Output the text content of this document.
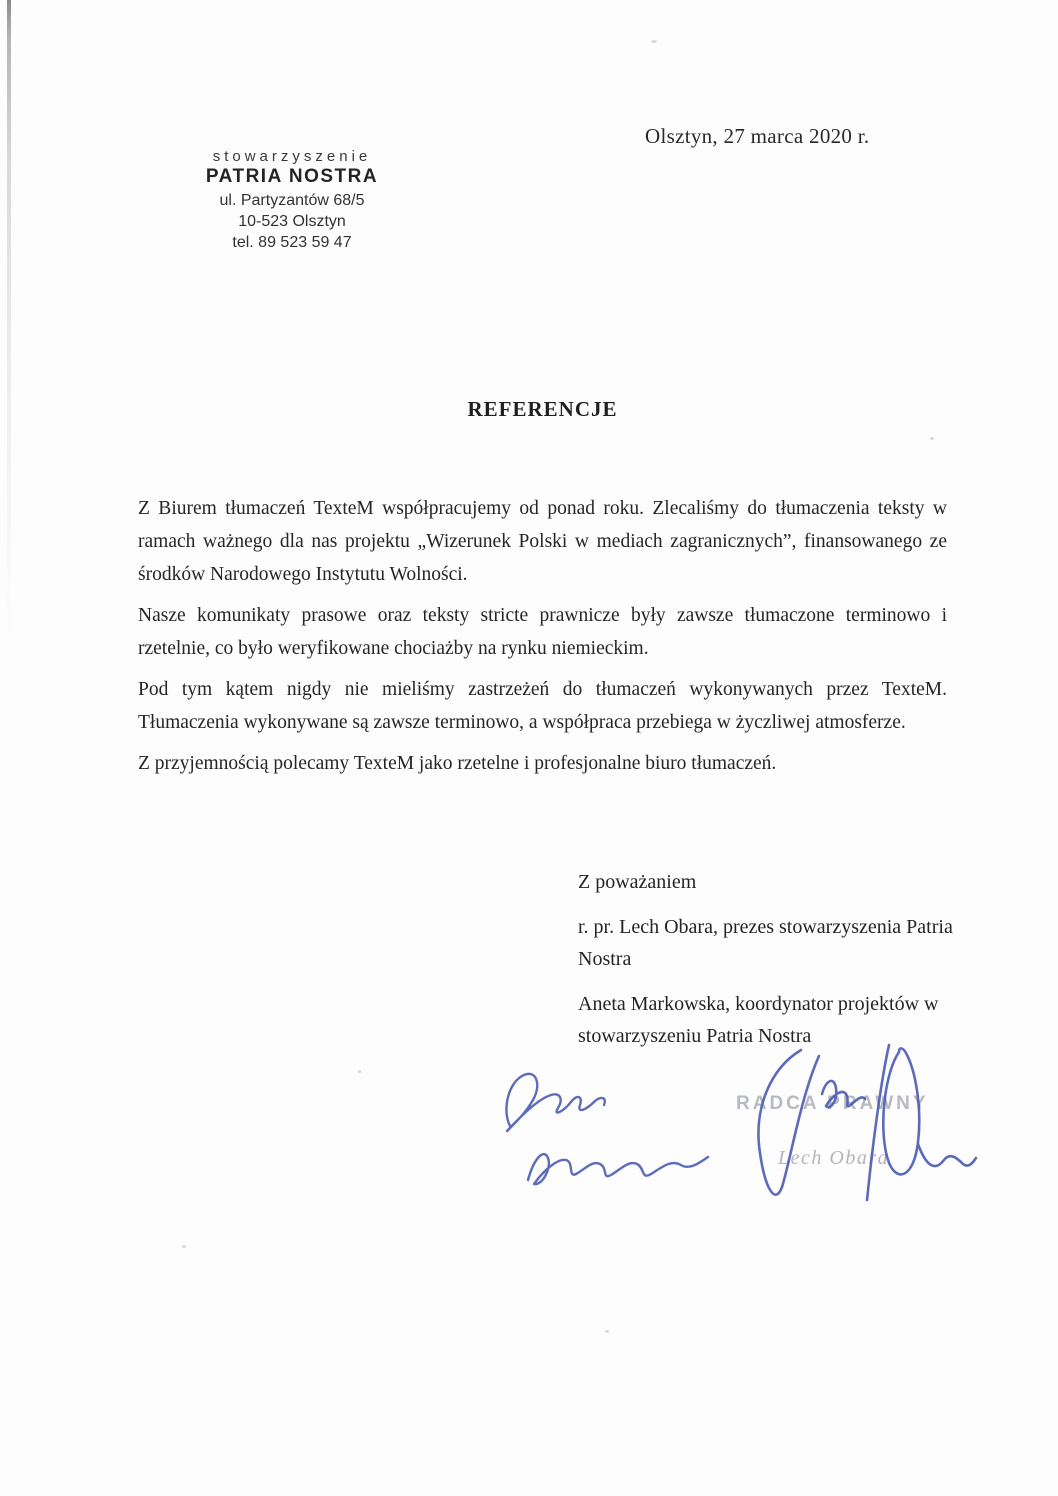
Olsztyn, 27 marca 2020 r.
stowarzyszenie
PATRIA NOSTRA
ul. Partyzantów 68/5
10-523 Olsztyn
tel. 89 523 59 47
REFERENCJE

Z Biurem tłumaczeń TexteM współpracujemy od ponad roku. Zlecaliśmy do tłumaczenia teksty w ramach ważnego dla nas projektu „Wizerunek Polski w mediach zagranicznych”, finansowanego ze środków Narodowego Instytutu Wolności.

Nasze komunikaty prasowe oraz teksty stricte prawnicze były zawsze tłumaczone terminowo i rzetelnie, co było weryfikowane chociażby na rynku niemieckim.

Pod tym kątem nigdy nie mieliśmy zastrzeżeń do tłumaczeń wykonywanych przez TexteM. Tłumaczenia wykonywane są zawsze terminowo, a współpraca przebiega w życzliwej atmosferze.

Z przyjemnością polecamy TexteM jako rzetelne i profesjonalne biuro tłumaczeń.

Z poważaniem

r. pr. Lech Obara, prezes stowarzyszenia Patria Nostra

Aneta Markowska, koordynator projektów w stowarzyszeniu Patria Nostra

RADCA PRAWNY
Lech Obara
